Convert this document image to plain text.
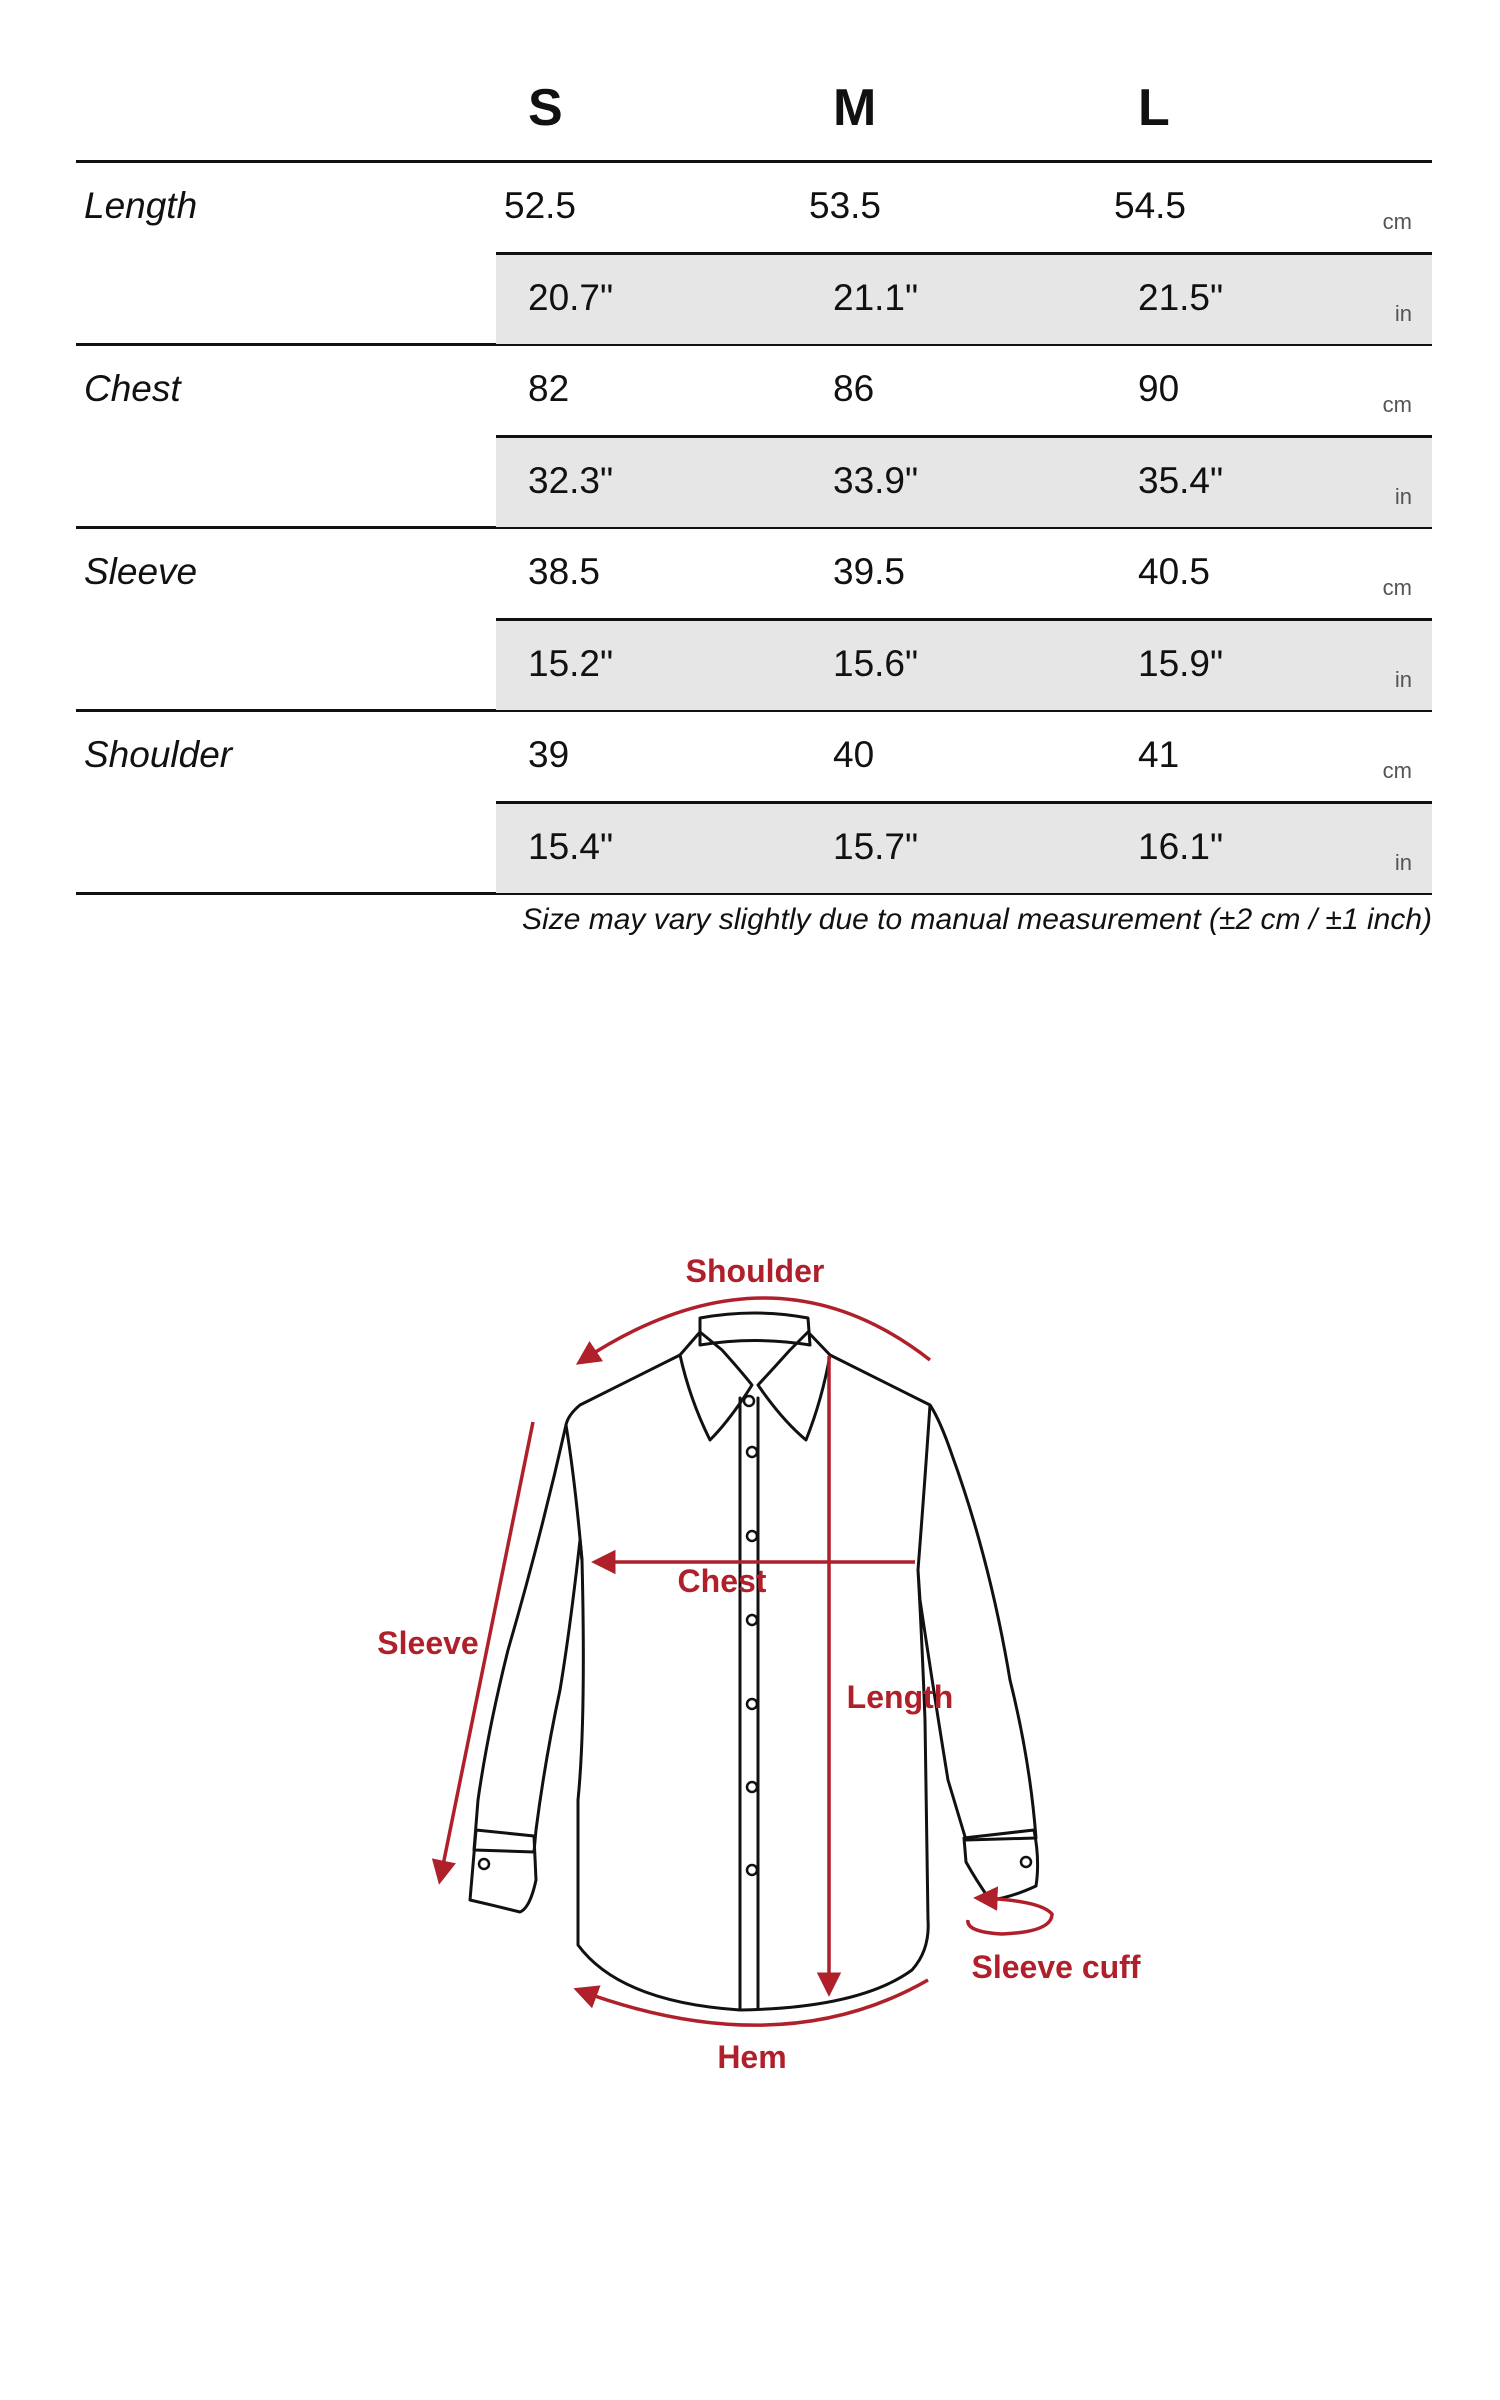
S	M	L
Length	52.5	53.5	54.5	cm
20.7"	21.1"	21.5"	in
Chest	82	86	90	cm
32.3"	33.9"	35.4"	in
Sleeve	38.5	39.5	40.5	cm
15.2"	15.6"	15.9"	in
Shoulder	39	40	41	cm
15.4"	15.7"	16.1"	in
Size may vary slightly due to manual measurement (±2 cm / ±1 inch)
Shoulder
Chest
Length
Sleeve
Sleeve cuff
Hem
